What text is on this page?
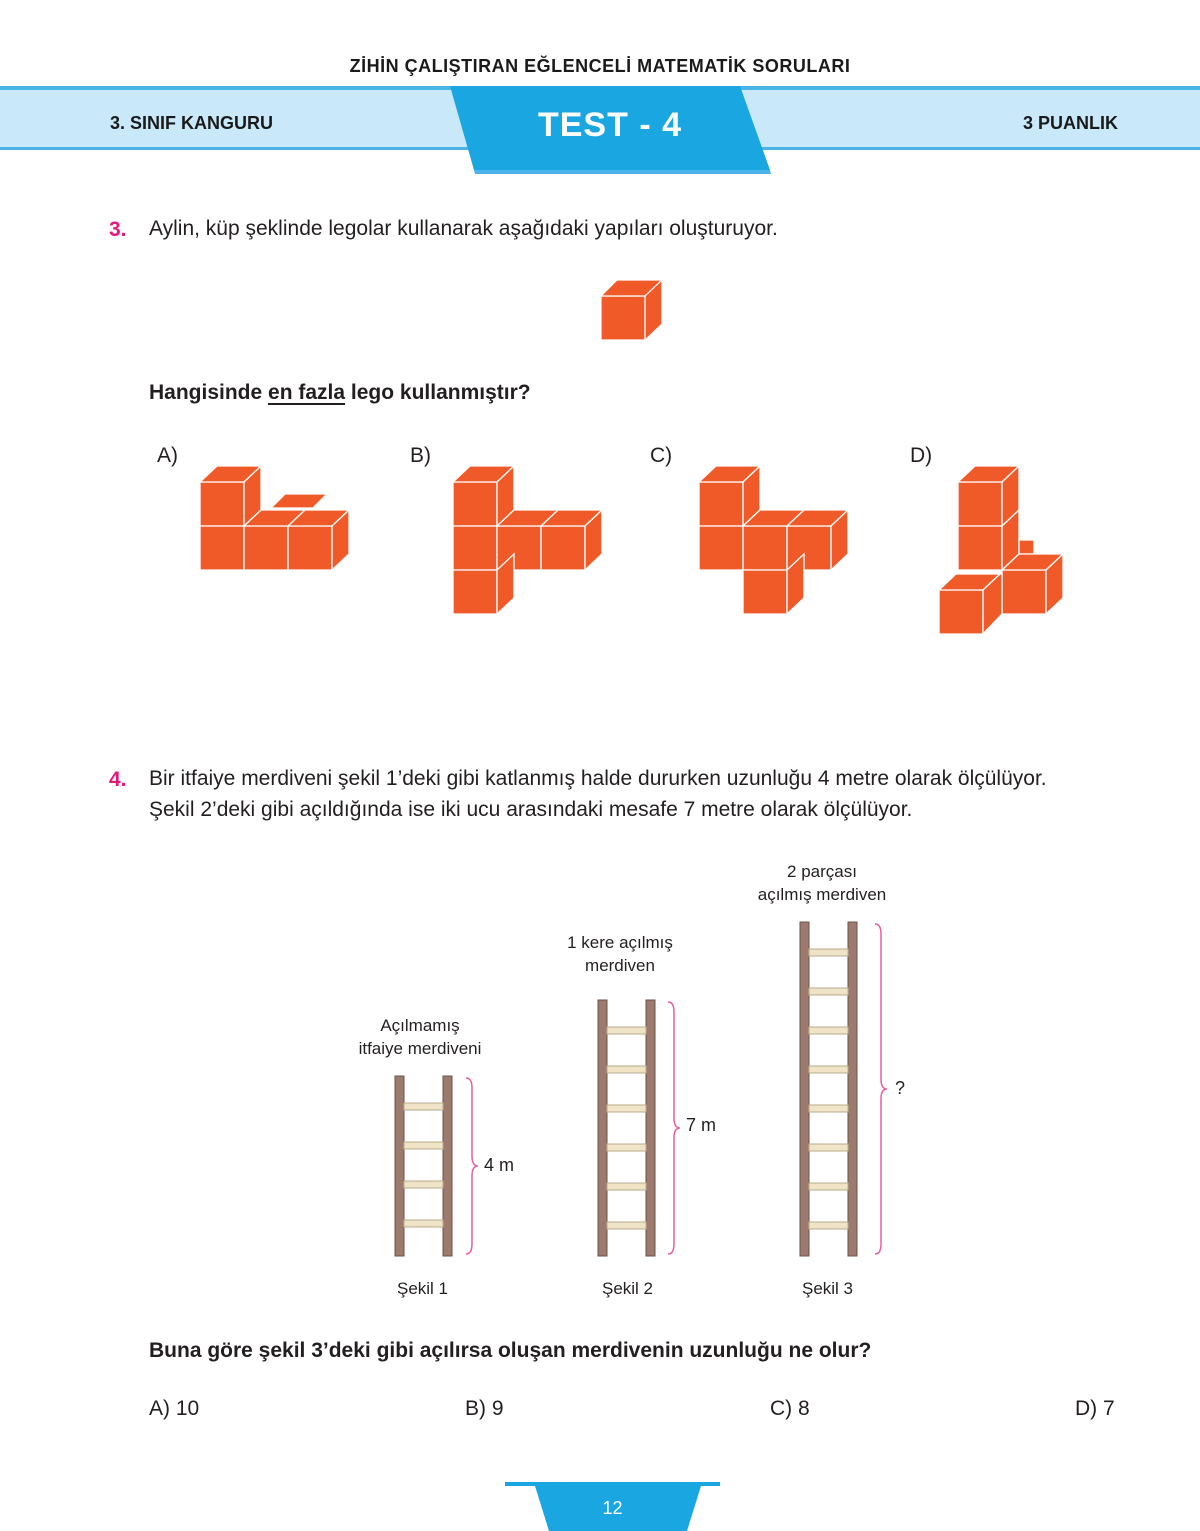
ZİHİN ÇALIŞTIRAN EĞLENCELİ MATEMATİK SORULARI
3. SINIF KANGURU	TEST - 4	3 PUANLIK
3. Aylin, küp şeklinde legolar kullanarak aşağıdaki yapıları oluşturuyor.
Hangisinde en fazla lego kullanmıştır?
A)	B)	C)	D)
4. Bir itfaiye merdiveni şekil 1’deki gibi katlanmış halde dururken uzunluğu 4 metre olarak ölçülüyor.
Şekil 2’deki gibi açıldığında ise iki ucu arasındaki mesafe 7 metre olarak ölçülüyor.
Açılmamış
itfaiye merdiveni
1 kere açılmış
merdiven
2 parçası
açılmış merdiven
4 m
7 m
?
Şekil 1	Şekil 2	Şekil 3
Buna göre şekil 3’deki gibi açılırsa oluşan merdivenin uzunluğu ne olur?
A) 10	B) 9	C) 8	D) 7
12
